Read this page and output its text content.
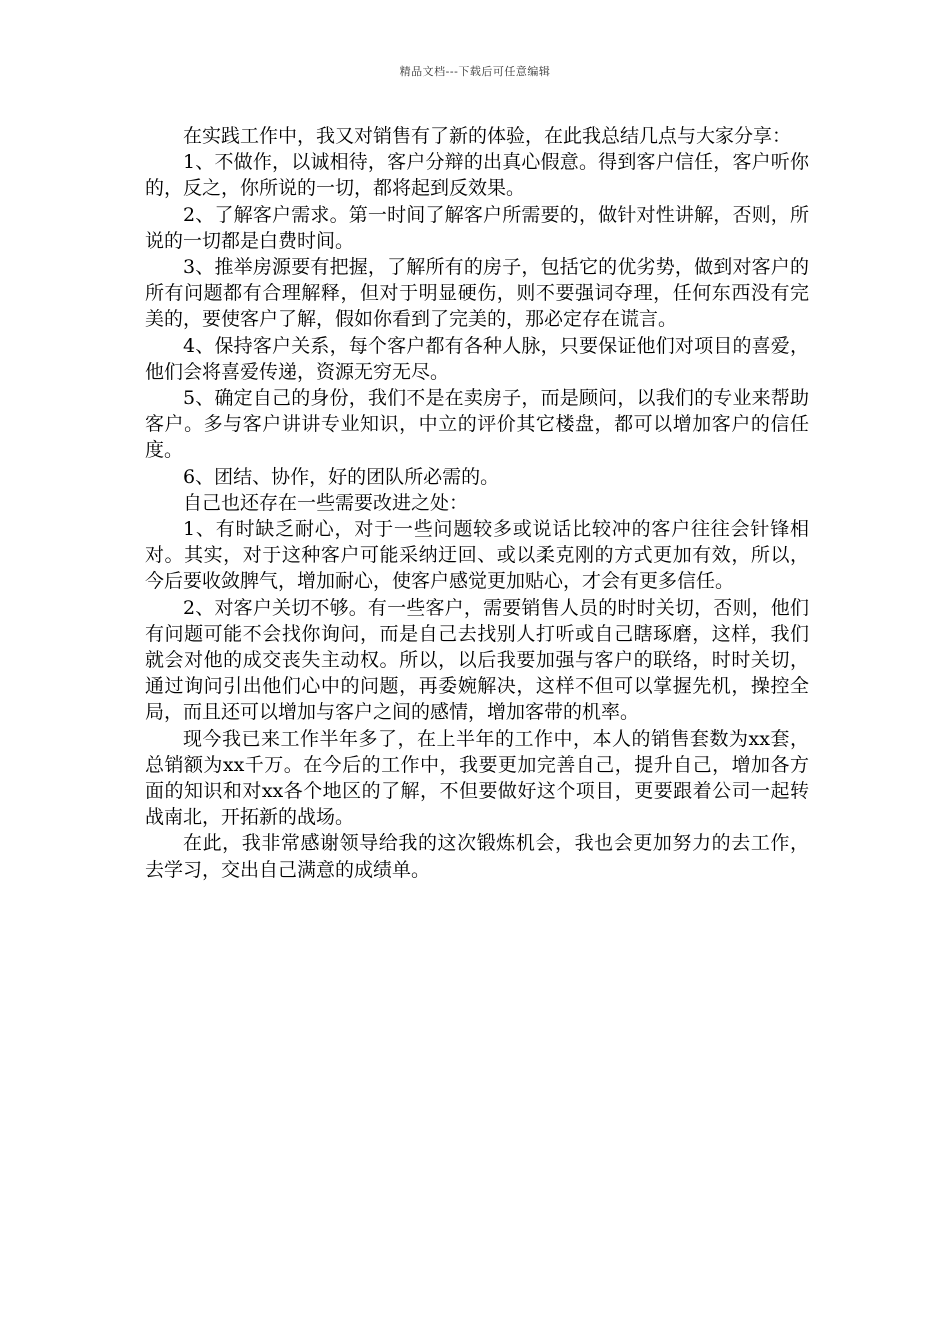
精品文档---下载后可任意编辑

在实践工作中，我又对销售有了新的体验，在此我总结几点与大家分享：

1、不做作，以诚相待，客户分辩的出真心假意。得到客户信任，客户听你的，反之，你所说的一切，都将起到反效果。

2、了解客户需求。第一时间了解客户所需要的，做针对性讲解，否则，所说的一切都是白费时间。

3、推举房源要有把握，了解所有的房子，包括它的优劣势，做到对客户的所有问题都有合理解释，但对于明显硬伤，则不要强词夺理，任何东西没有完美的，要使客户了解，假如你看到了完美的，那必定存在谎言。

4、保持客户关系，每个客户都有各种人脉，只要保证他们对项目的喜爱，他们会将喜爱传递，资源无穷无尽。

5、确定自己的身份，我们不是在卖房子，而是顾问，以我们的专业来帮助客户。多与客户讲讲专业知识，中立的评价其它楼盘，都可以增加客户的信任度。

6、团结、协作，好的团队所必需的。

自己也还存在一些需要改进之处：

1、有时缺乏耐心，对于一些问题较多或说话比较冲的客户往往会针锋相对。其实，对于这种客户可能采纳迂回、或以柔克刚的方式更加有效，所以，今后要收敛脾气，增加耐心，使客户感觉更加贴心，才会有更多信任。

2、对客户关切不够。有一些客户，需要销售人员的时时关切，否则，他们有问题可能不会找你询问，而是自己去找别人打听或自己瞎琢磨，这样，我们就会对他的成交丧失主动权。所以，以后我要加强与客户的联络，时时关切，通过询问引出他们心中的问题，再委婉解决，这样不但可以掌握先机，操控全局，而且还可以增加与客户之间的感情，增加客带的机率。

现今我已来工作半年多了，在上半年的工作中，本人的销售套数为xx套，总销额为xx千万。在今后的工作中，我要更加完善自己，提升自己，增加各方面的知识和对xx各个地区的了解，不但要做好这个项目，更要跟着公司一起转战南北，开拓新的战场。

在此，我非常感谢领导给我的这次锻炼机会，我也会更加努力的去工作，去学习，交出自己满意的成绩单。
